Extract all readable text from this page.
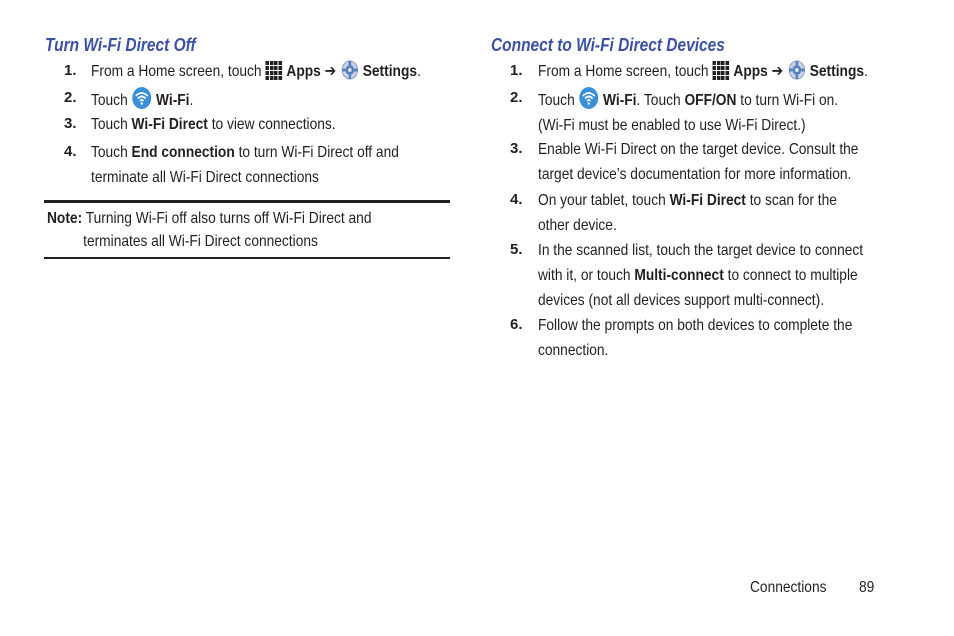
Turn Wi-Fi Direct Off
1. From a Home screen, touch  Apps ➔  Settings.
2. Touch  Wi-Fi.
3. Touch Wi-Fi Direct to view connections.
4. Touch End connection to turn Wi-Fi Direct off and
terminate all Wi-Fi Direct connections
Note: Turning Wi-Fi off also turns off Wi-Fi Direct and
terminates all Wi-Fi Direct connections
Connect to Wi-Fi Direct Devices
1. From a Home screen, touch  Apps ➔  Settings.
2. Touch  Wi-Fi. Touch OFF/ON to turn Wi-Fi on.
(Wi-Fi must be enabled to use Wi-Fi Direct.)
3. Enable Wi-Fi Direct on the target device. Consult the
target device’s documentation for more information.
4. On your tablet, touch Wi-Fi Direct to scan for the
other device.
5. In the scanned list, touch the target device to connect
with it, or touch Multi-connect to connect to multiple
devices (not all devices support multi-connect).
6. Follow the prompts on both devices to complete the
connection.
Connections	89
